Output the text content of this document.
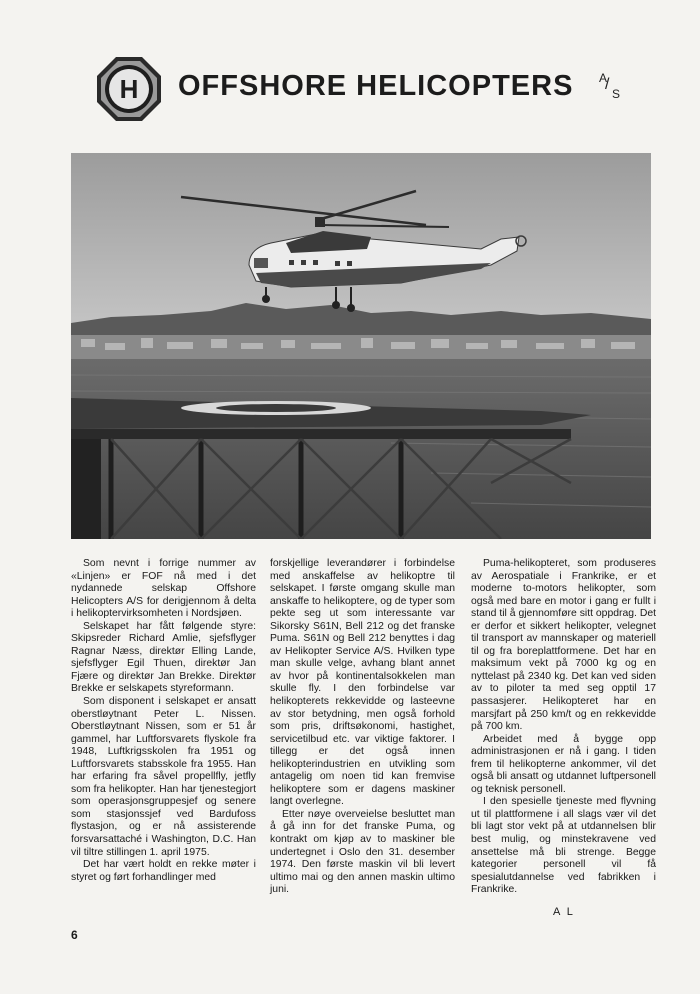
H OFFSHORE HELICOPTERS A
/
S

Som nevnt i forrige nummer av «Linjen» er FOF nå med i det nydannede selskap Offshore Helicopters A/S for derigjennom å delta i helikoptervirksomheten i Nordsjøen.

Selskapet har fått følgende styre: Skipsreder Richard Amlie, sjefsflyger Ragnar Næss, direktør Elling Lande, sjefsflyger Egil Thuen, direktør Jan Fjære og direktør Jan Brekke. Direktør Brekke er selskapets styreformann.

Som disponent i selskapet er ansatt oberstløytnant Peter L. Nissen. Oberstløytnant Nissen, som er 51 år gammel, har Luftforsvarets flyskole fra 1948, Luftkrigsskolen fra 1951 og Luftforsvarets stabsskole fra 1955. Han har erfaring fra såvel propellfly, jetfly som fra helikopter. Han har tjenestegjort som operasjonsgruppesjef og senere som stasjonssjef ved Bardufoss flystasjon, og er nå assisterende forsvarsattaché i Washington, D.C. Han vil tiltre stillingen 1. april 1975.

Det har vært holdt en rekke møter i styret og ført forhandlinger med

forskjellige leverandører i forbindelse med anskaffelse av helikoptre til selskapet. I første omgang skulle man anskaffe to helikoptere, og de typer som pekte seg ut som interessante var Sikorsky S61N, Bell 212 og det franske Puma. S61N og Bell 212 benyttes i dag av Helikopter Service A/S. Hvilken type man skulle velge, avhang blant annet av hvor på kontinentalsokkelen man skulle fly. I den forbindelse var helikopterets rekkevidde og lasteevne av stor betydning, men også forhold som pris, driftsøkonomi, hastighet, servicetilbud etc. var viktige faktorer. I tillegg er det også innen helikopterindustrien en utvikling som antagelig om noen tid kan fremvise helikoptere som er dagens maskiner langt overlegne.

Etter nøye overveielse besluttet man å gå inn for det franske Puma, og kontrakt om kjøp av to maskiner ble undertegnet i Oslo den 31. desember 1974. Den første maskin vil bli levert ultimo mai og den annen maskin ultimo juni.

Puma-helikopteret, som produseres av Aerospatiale i Frankrike, er et moderne to-motors helikopter, som også med bare en motor i gang er fullt i stand til å gjennomføre sitt oppdrag. Det er derfor et sikkert helikopter, velegnet til transport av mannskaper og materiell til og fra boreplattformene. Det har en maksimum vekt på 7000 kg og en nyttelast på 2340 kg. Det kan ved siden av to piloter ta med seg opptil 17 passasjerer. Helikopteret har en marsjfart på 250 km/t og en rekkevidde på 700 km.

Arbeidet med å bygge opp administrasjonen er nå i gang. I tiden frem til helikopterne ankommer, vil det også bli ansatt og utdannet luftpersonell og teknisk personell.

I den spesielle tjeneste med flyvning ut til plattformene i all slags vær vil det bli lagt stor vekt på at utdannelsen blir best mulig, og minstekravene ved ansettelse må bli strenge. Begge kategorier personell vil få spesialutdannelse ved fabrikken i Frankrike.

A L
6
